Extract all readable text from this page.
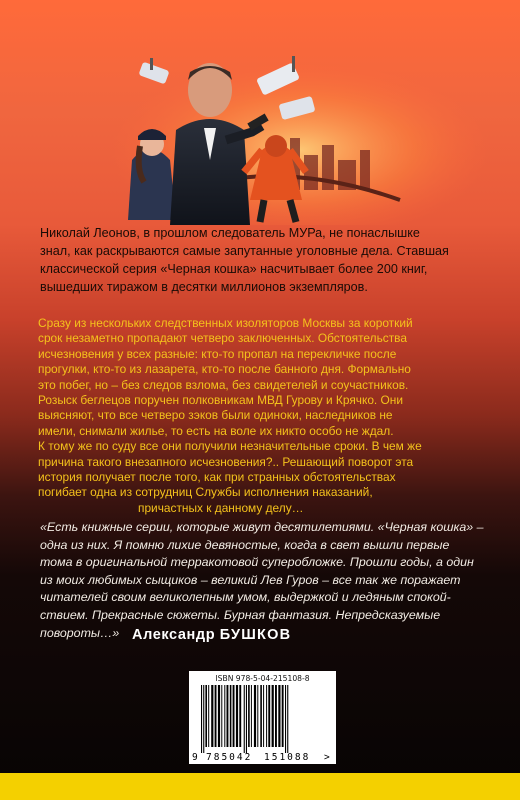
Николай Леонов, в прошлом следователь МУРа, не понаслышке

знал, как раскрываются самые запутанные уголовные дела. Ставшая

классической серия «Черная кошка» насчитывает более 200 книг,

вышедших тиражом в десятки миллионов экземпляров.

Сразу из нескольких следственных изоляторов Москвы за короткий

срок незаметно пропадают четверо заключенных. Обстоятельства

исчезновения у всех разные: кто-то пропал на перекличке после

прогулки, кто-то из лазарета, кто-то после банного дня. Формально

это побег, но – без следов взлома, без свидетелей и соучастников.

Розыск беглецов поручен полковникам МВД Гурову и Крячко. Они

выясняют, что все четверо зэков были одиноки, наследников не

имели, снимали жилье, то есть на воле их никто особо не ждал.

К тому же по суду все они получили незначительные сроки. В чем же

причина такого внезапного исчезновения?.. Решающий поворот эта

история получает после того, как при странных обстоятельствах

погибает одна из сотрудниц Службы исполнения наказаний,

причастных к данному делу…

«Есть книжные серии, которые живут десятилетиями. «Черная кошка» –

одна из них. Я помню лихие девяностые, когда в свет вышли первые

тома в оригинальной терракотовой суперобложке. Прошли годы, а один

из моих любимых сыщиков – великий Лев Гуров – все так же поражает

читателей своим великолепным умом, выдержкой и ледяным спокой-

ствием. Прекрасные сюжеты. Бурная фантазия. Непредсказуемые

повороты…» Александр БУШКОВ
ISBN 978-5-04-215108-8
9 785042 151088 >
